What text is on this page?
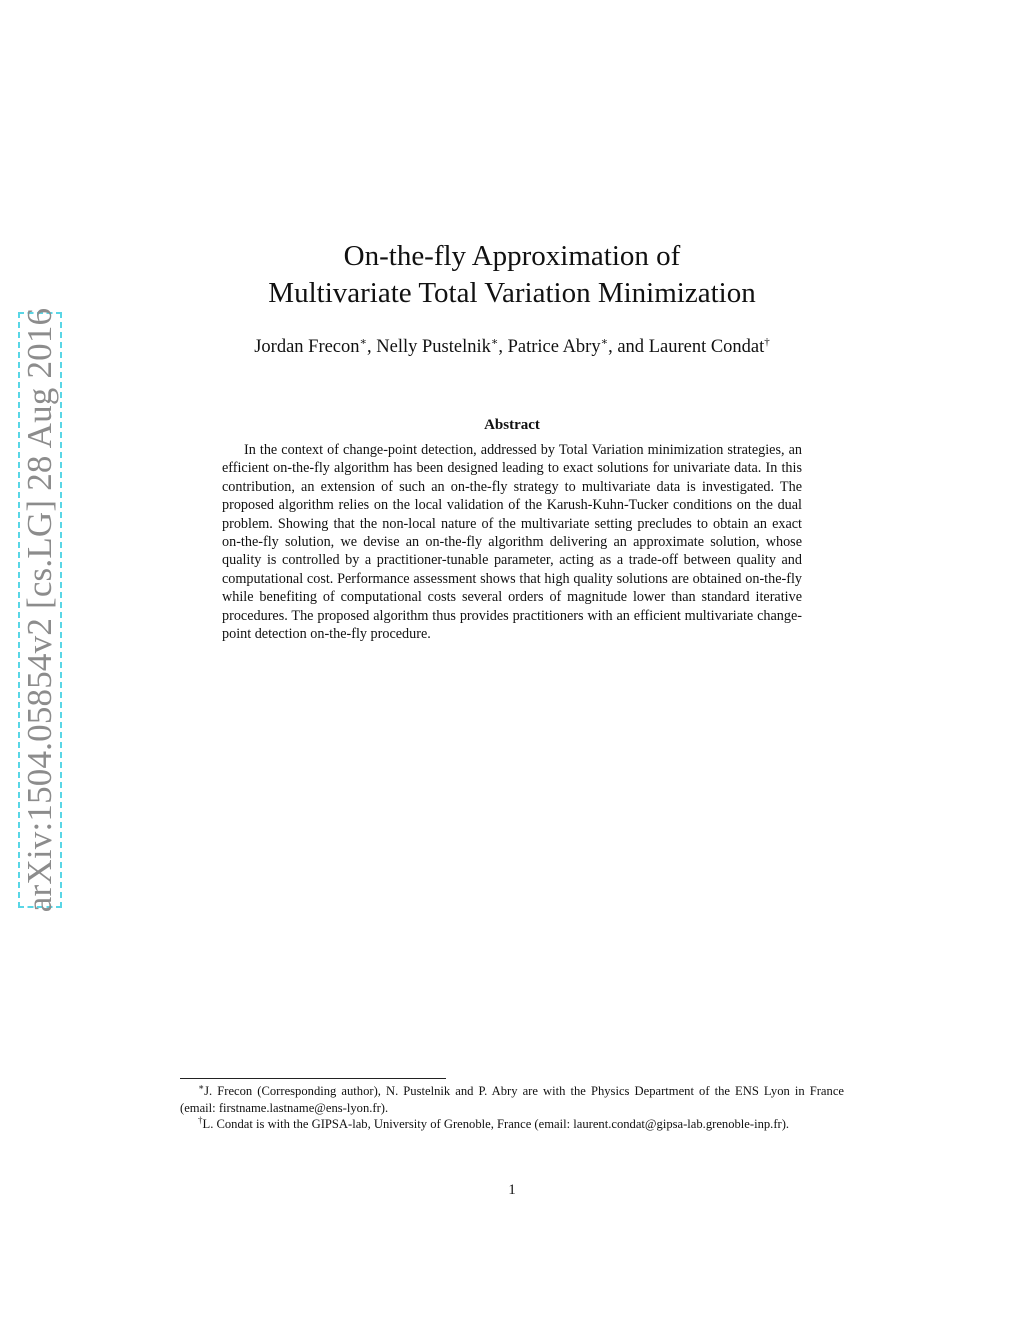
arXiv:1504.05854v2 [cs.LG] 28 Aug 2016
On-the-fly Approximation of
Multivariate Total Variation Minimization
Jordan Frecon∗, Nelly Pustelnik∗, Patrice Abry∗, and Laurent Condat†
Abstract

In the context of change-point detection, addressed by Total Variation minimization strategies, an efficient on-the-fly algorithm has been designed leading to exact solutions for univariate data. In this contribution, an extension of such an on-the-fly strategy to multivariate data is investigated. The proposed algorithm relies on the local validation of the Karush-Kuhn-Tucker conditions on the dual problem. Showing that the non-local nature of the multivariate setting precludes to obtain an exact on-the-fly solution, we devise an on-the-fly algorithm delivering an approximate solution, whose quality is controlled by a practitioner-tunable parameter, acting as a trade-off between quality and computational cost. Performance assessment shows that high quality solutions are obtained on-the-fly while benefiting of computational costs several orders of magnitude lower than standard iterative procedures. The proposed algorithm thus provides practitioners with an efficient multivariate change-point detection on-the-fly procedure.

∗J. Frecon (Corresponding author), N. Pustelnik and P. Abry are with the Physics Department of the ENS Lyon in France (email: firstname.lastname@ens-lyon.fr).

†L. Condat is with the GIPSA-lab, University of Grenoble, France (email: laurent.condat@gipsa-lab.grenoble-inp.fr).

1
